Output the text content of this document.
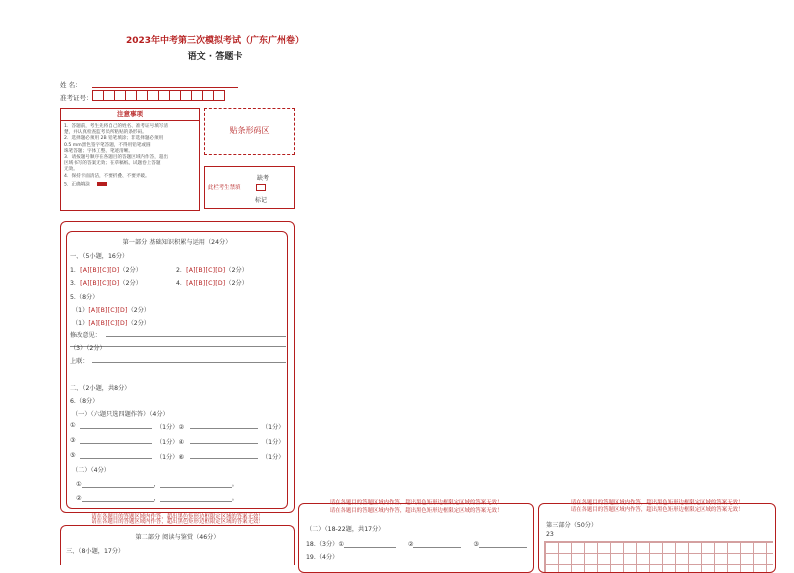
2023年中考第三次模拟考试（广东广州卷）
语文 · 答题卡
姓 名：
准考证号：
注意事项
1．答题前，考生先将自己的姓名、准考证号填写清
楚，并认真检查监考员所粘贴的条形码。
2．选择题必须用 2B 铅笔填涂；非选择题必须用
0.5 mm黑色签字笔答题，不得用铅笔或圆
珠笔答题；字体工整、笔迹清晰。
3．请按题号顺序在各题目的答题区域内作答，超出
区域书写的答案无效；在草稿纸、试题卷上答题
无效。
4．保持卡面清洁，不要折叠、不要弄破。
5．正确填涂
贴条形码区
缺考
此栏考生禁填
标记
第一部分 基础知识积累与运用（24分）
一、（5小题，16分）
1．[A][B][C][D]（2分）	2．[A][B][C][D]（2分）
3．[A][B][C][D]（2分）	4．[A][B][C][D]（2分）
5.（8分）
（1）[A][B][C][D]（2分）
（1）[A][B][C][D]（2分）
修改意见：
（3）（2分）
上联：
二、（2小题，共8分）
6.（8分）
（一）（六题只选四题作答）（4分）
①	（1分）②	（1分）
③	（1分）④	（1分）
⑤	（1分）⑥	（1分）
（二）（4分）
①	，	。
②	，	。
请在各题目的答题区域内作答，超出黑色矩形边框限定区域的答案无效！
请在各题目的答题区域内作答，超出黑色矩形边框限定区域的答案无效！
第二部分 阅读与鉴赏（46分）
三、（8小题，17分）
请在各题目的答题区域内作答，超出黑色矩形边框限定区域的答案无效！
请在各题目的答题区域内作答，超出黑色矩形边框限定区域的答案无效！
（二）（18-22题，共17分）
18.（3分）①	②	③
19.（4分）
请在各题目的答题区域内作答，超出黑色矩形边框限定区域的答案无效！
请在各题目的答题区域内作答，超出黑色矩形边框限定区域的答案无效！
第三部分（50分）
23
